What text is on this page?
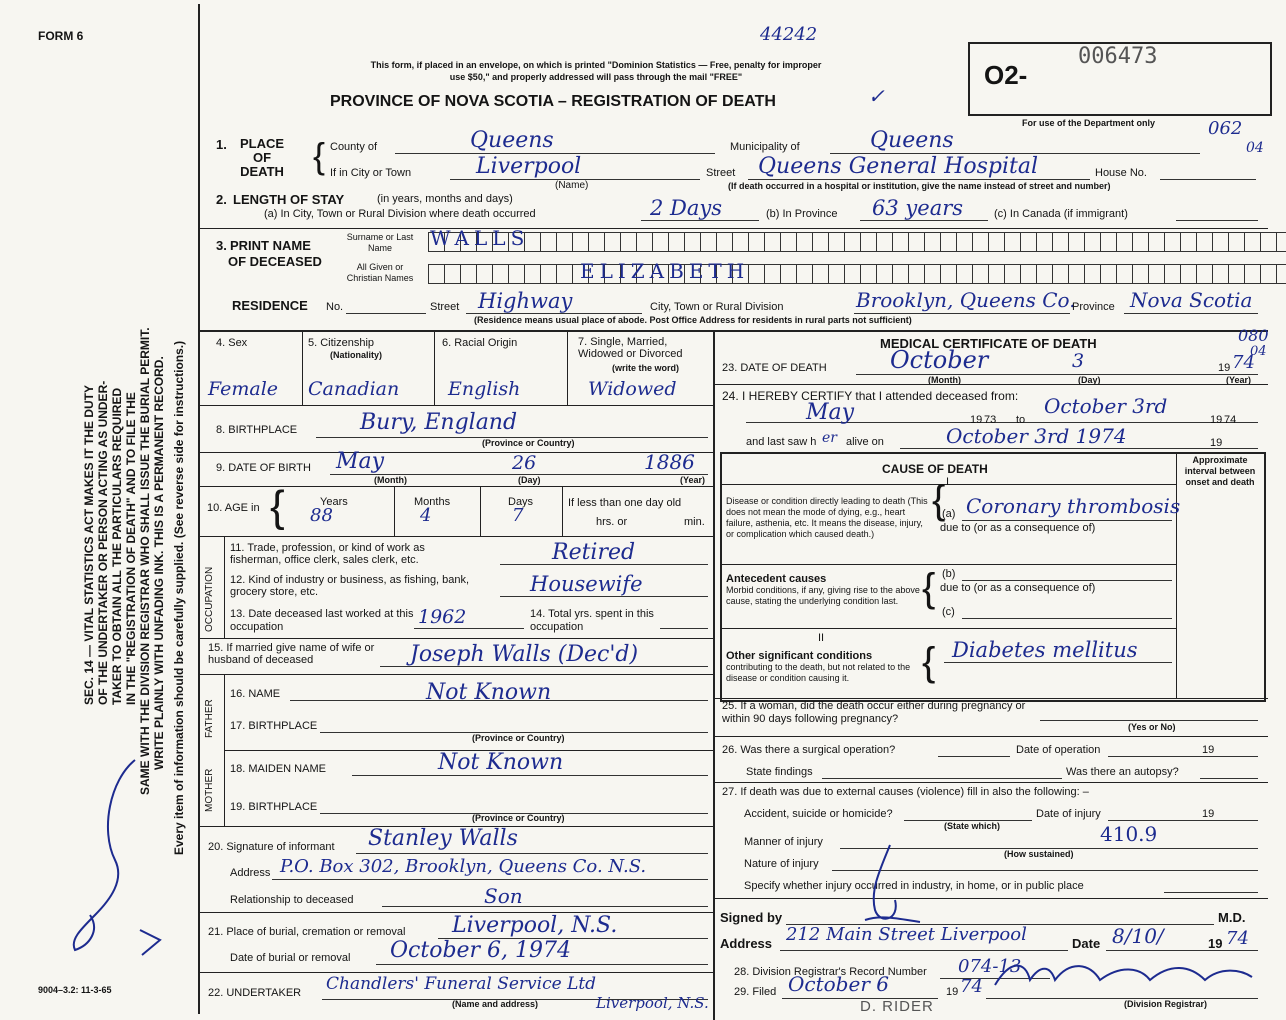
FORM 6
SEC. 14 — VITAL STATISTICS ACT MAKES IT THE DUTY OF THE UNDERTAKER OR PERSON ACTING AS UNDER- TAKER TO OBTAIN ALL THE PARTICULARS REQUIRED IN THE "REGISTRATION OF DEATH" AND TO FILE THE SAME WITH THE DIVISION REGISTRAR WHO SHALL ISSUE THE BURIAL PERMIT. WRITE PLAINLY WITH UNFADING INK. THIS IS A PERMANENT RECORD. Every item of information should be carefully supplied. (See reverse side for instructions.)
This form, if placed in an envelope, on which is printed "Dominion Statistics — Free, penalty for improper
use $50," and properly addressed will pass through the mail "FREE"
PROVINCE OF NOVA SCOTIA – REGISTRATION OF DEATH	✓
44242
O2-
006473
For use of the Department only	062
04
080
04
1.	PLACE OF DEATH { County of	Queens	Municipality of	Queens
If in City or Town	Liverpool	Street Queens General Hospital	House No.
(Name)	(If death occurred in a hospital or institution, give the name instead of street and number)
2. LENGTH OF STAY	(in years, months and days)
(a) In City, Town or Rural Division where death occurred	2 Days	(b) In Province 63 years	(c) In Canada (if immigrant)
3. PRINT NAME
OF DECEASED
Surname or Last Name
All Given or Christian Names
WALLS
ELIZABETH
RESIDENCE No.	Street Highway	City, Town or Rural Division	Brooklyn, Queens Co.
Province Nova Scotia
(Residence means usual place of abode. Post Office Address for residents in rural parts not sufficient)
4. Sex
Female
5. Citizenship
(Nationality)
Canadian
6. Racial Origin
English
7. Single, Married, Widowed or Divorced
(write the word)
Widowed
8. BIRTHPLACE	Bury, England
(Province or Country)
9. DATE OF BIRTH May	26	1886
(Month)	(Day)	(Year)
10. AGE in {	Years
88
Months
4
Days
7
If less than one day old
hrs. or	min.
OCCUPATION
11. Trade, profession, or kind of work as fisherman, office clerk, sales clerk, etc.	Retired
12. Kind of industry or business, as fishing, bank, grocery store, etc.	Housewife
13. Date deceased last worked at this occupation	1962	14. Total yrs. spent in this occupation
15. If married give name of wife or husband of deceased	Joseph Walls (Dec'd)
FATHER
16. NAME	Not Known
17. BIRTHPLACE
(Province or Country)
MOTHER 18. MAIDEN NAME	Not Known
19. BIRTHPLACE
(Province or Country)
20. Signature of informant Stanley Walls
Address P.O. Box 302, Brooklyn, Queens Co. N.S.
Relationship to deceased	Son
21. Place of burial, cremation or removal Liverpool, N.S.
Date of burial or removal October 6, 1974
22. UNDERTAKER Chandlers' Funeral Service Ltd
Liverpool, N.S.
(Name and address)
9004–3.2: 11-3-65
MEDICAL CERTIFICATE OF DEATH
23. DATE OF DEATH	October	3	19 74
(Month)	(Day)	(Year)
24. I HEREBY CERTIFY that I attended deceased from:
May	19 73 to
October 3rd
19 74
and last saw h er alive on	October 3rd 1974	19
CAUSE OF DEATH
Approximate interval between onset and death
I
Disease or condition directly leading to death (This does not mean the mode of dying, e.g., heart failure, asthenia, etc. It means the disease, injury, or complication which caused death.)
{
(a) Coronary thrombosis
due to (or as a consequence of)
Antecedent causes
Morbid conditions, if any, giving rise to the above cause, stating the underlying condition last. { (b)
due to (or as a consequence of)
(c)
II
Other significant conditions
contributing to the death, but not related to the disease or condition causing it.	{ Diabetes mellitus
25. If a woman, did the death occur either during pregnancy or within 90 days following pregnancy?
(Yes or No)
26. Was there a surgical operation?	Date of operation	19
State findings	Was there an autopsy?
27. If death was due to external causes (violence) fill in also the following: –
Accident, suicide or homicide?	Date of injury	19
(State which)
Manner of injury	410.9
(How sustained)
Nature of injury
Specify whether injury occurred in industry, in home, or in public place
Signed by	M.D.
Address 212 Main Street Liverpool	Date 8/10/	19 74
28. Division Registrar's Record Number 074-13
29. Filed October 6	19 74
(Division Registrar)
D. RIDER
